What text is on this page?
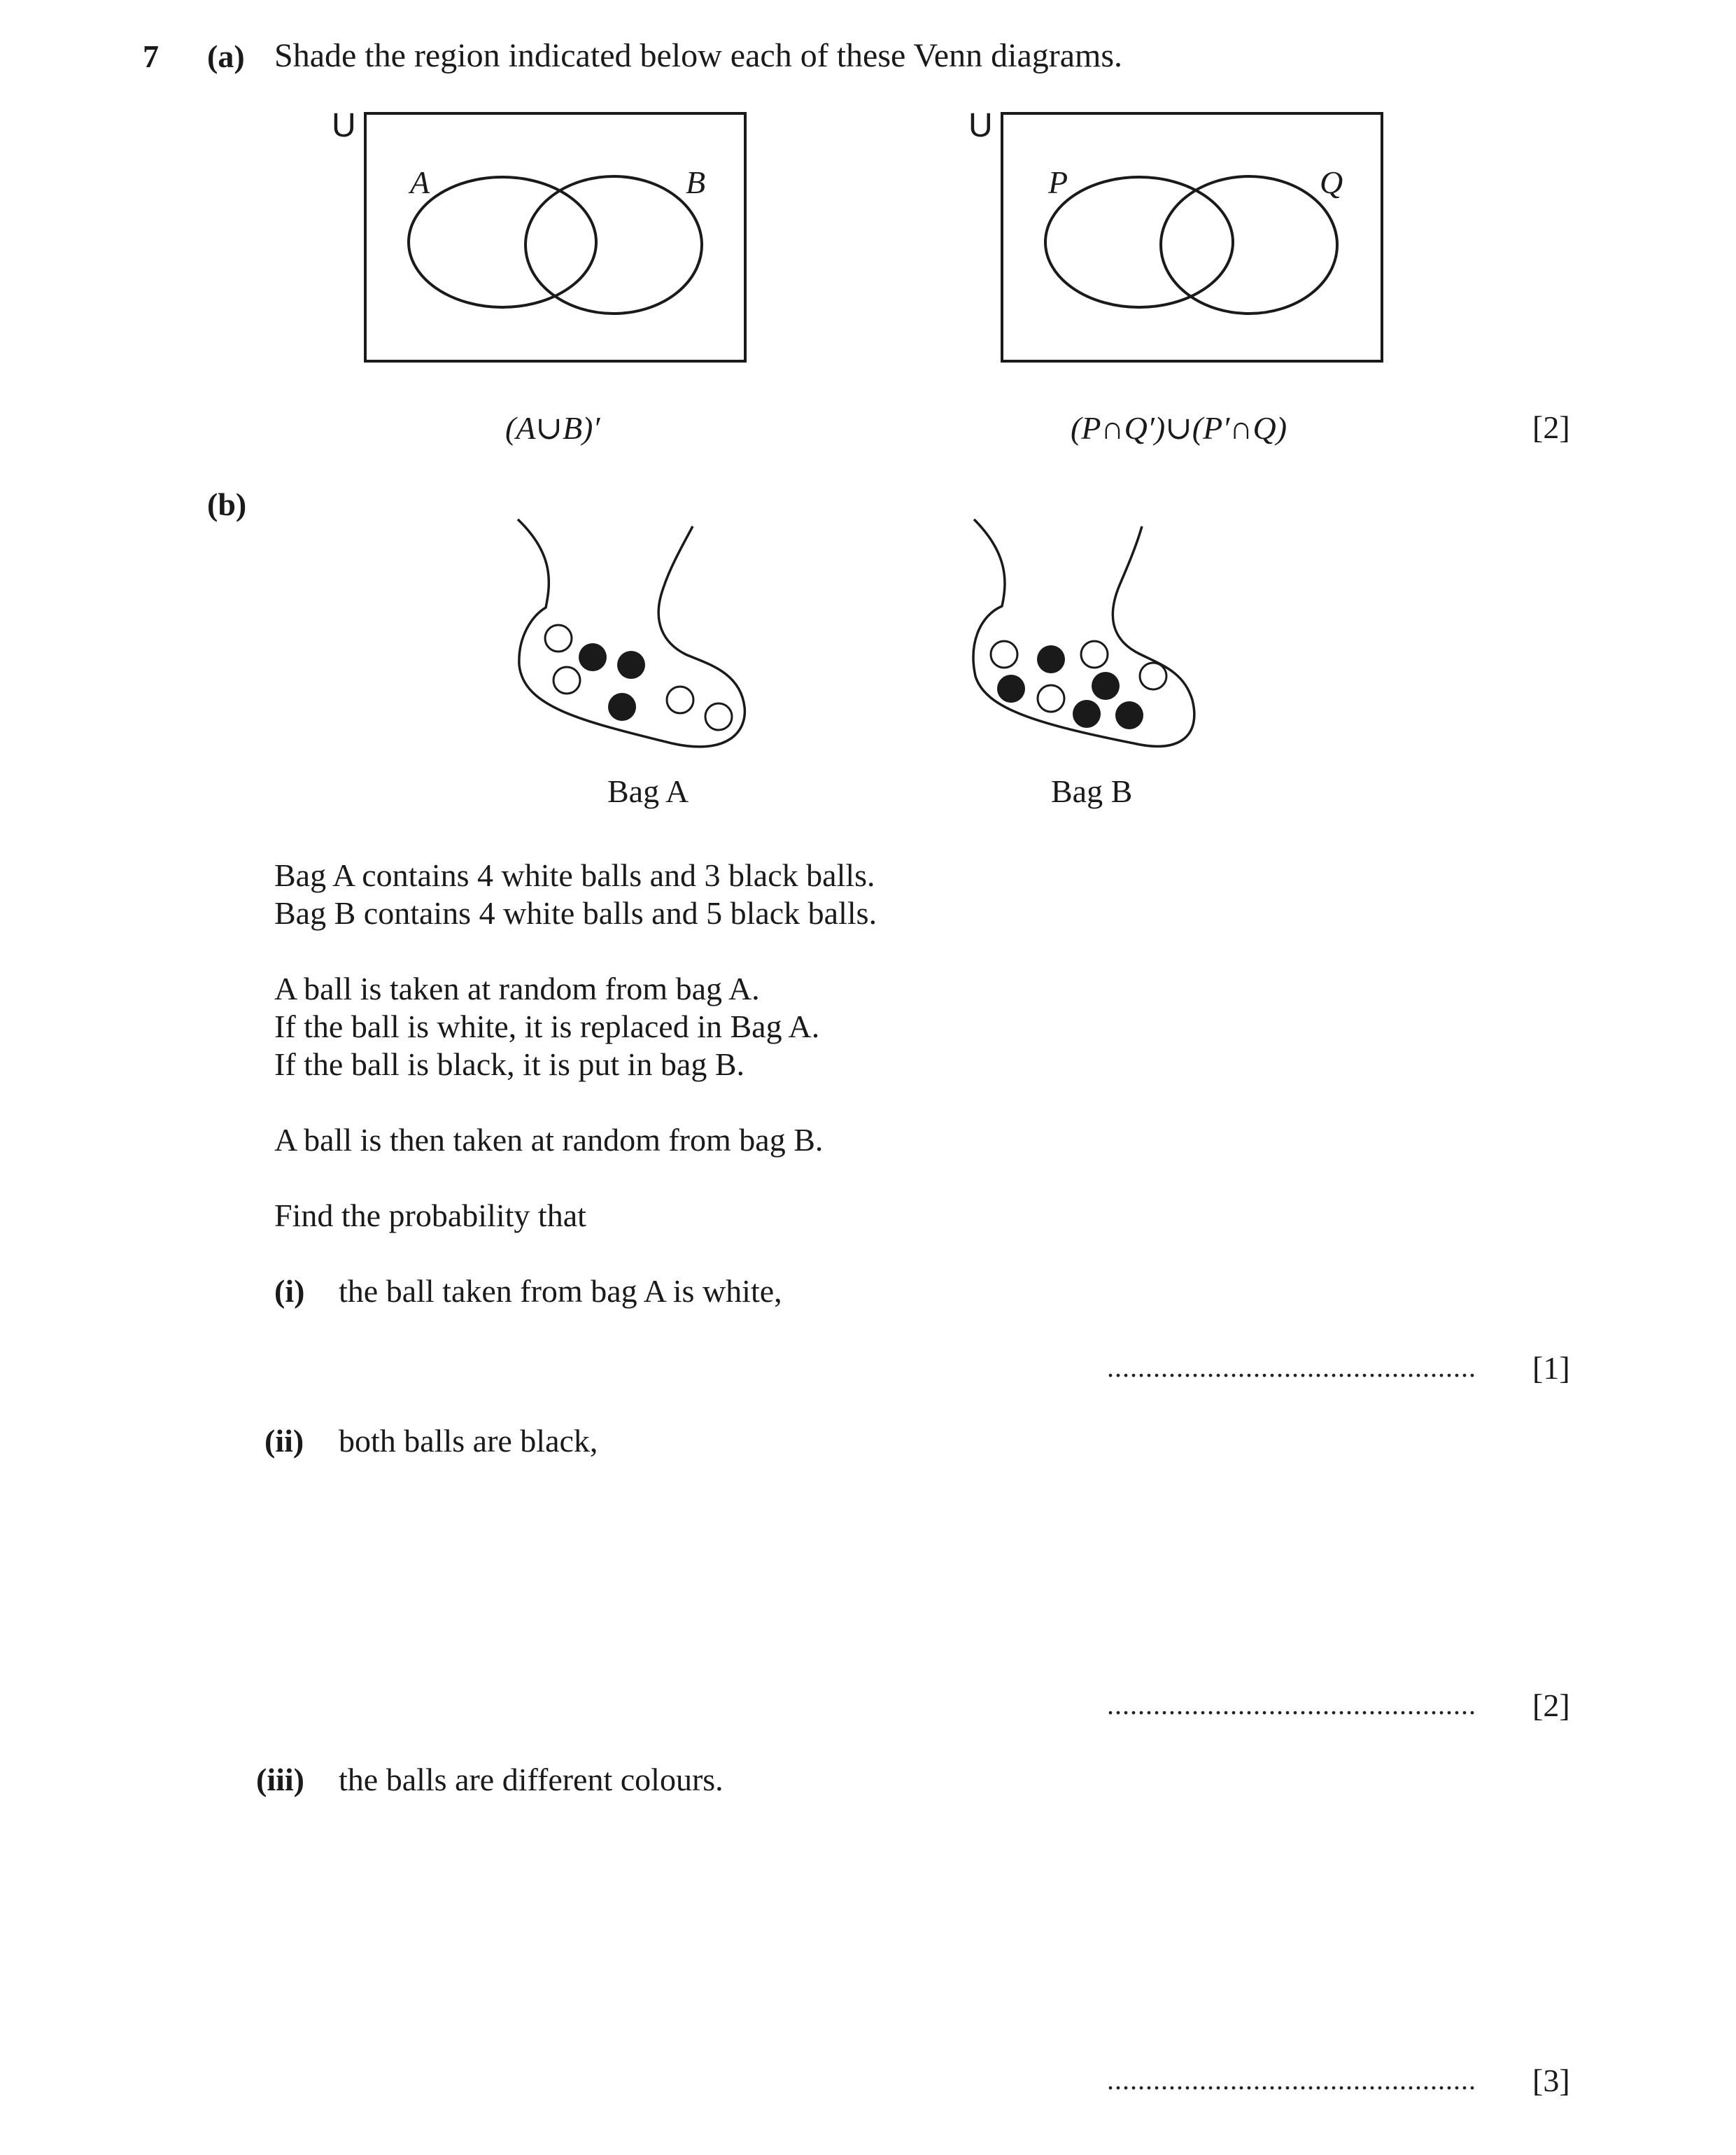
7 (a) Shade the region indicated below each of these Venn diagrams.
U
A	B
(A∪B)′
U
P	Q
(P∩Q′)∪(P′∩Q)	[2]
(b)
Bag A	Bag B
Bag A contains 4 white balls and 3 black balls.
Bag B contains 4 white balls and 5 black balls.
A ball is taken at random from bag A.
If the ball is white, it is replaced in Bag A.
If the ball is black, it is put in bag B.
A ball is then taken at random from bag B.
Find the probability that
(i) the ball taken from bag A is white,
................................................ [1]
(ii) both balls are black,
................................................ [2]
(iii) the balls are different colours.
................................................ [3]
